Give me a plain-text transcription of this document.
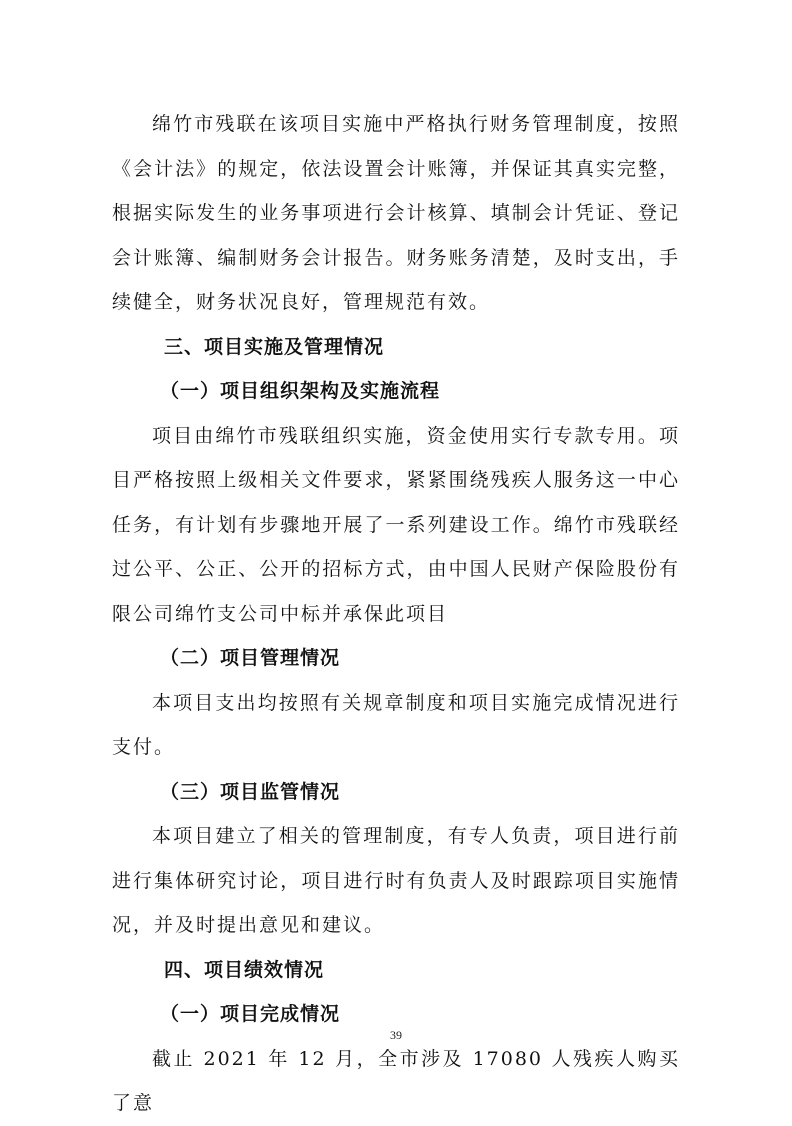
绵竹市残联在该项目实施中严格执行财务管理制度，按照《会计法》的规定，依法设置会计账簿，并保证其真实完整，根据实际发生的业务事项进行会计核算、填制会计凭证、登记会计账簿、编制财务会计报告。财务账务清楚，及时支出，手续健全，财务状况良好，管理规范有效。

三、项目实施及管理情况

（一）项目组织架构及实施流程

项目由绵竹市残联组织实施，资金使用实行专款专用。项目严格按照上级相关文件要求，紧紧围绕残疾人服务这一中心任务，有计划有步骤地开展了一系列建设工作。绵竹市残联经过公平、公正、公开的招标方式，由中国人民财产保险股份有限公司绵竹支公司中标并承保此项目

（二）项目管理情况

本项目支出均按照有关规章制度和项目实施完成情况进行支付。

（三）项目监管情况

本项目建立了相关的管理制度，有专人负责，项目进行前进行集体研究讨论，项目进行时有负责人及时跟踪项目实施情况，并及时提出意见和建议。

四、项目绩效情况

（一）项目完成情况

截止 2021 年 12 月，全市涉及 17080 人残疾人购买了意

39
